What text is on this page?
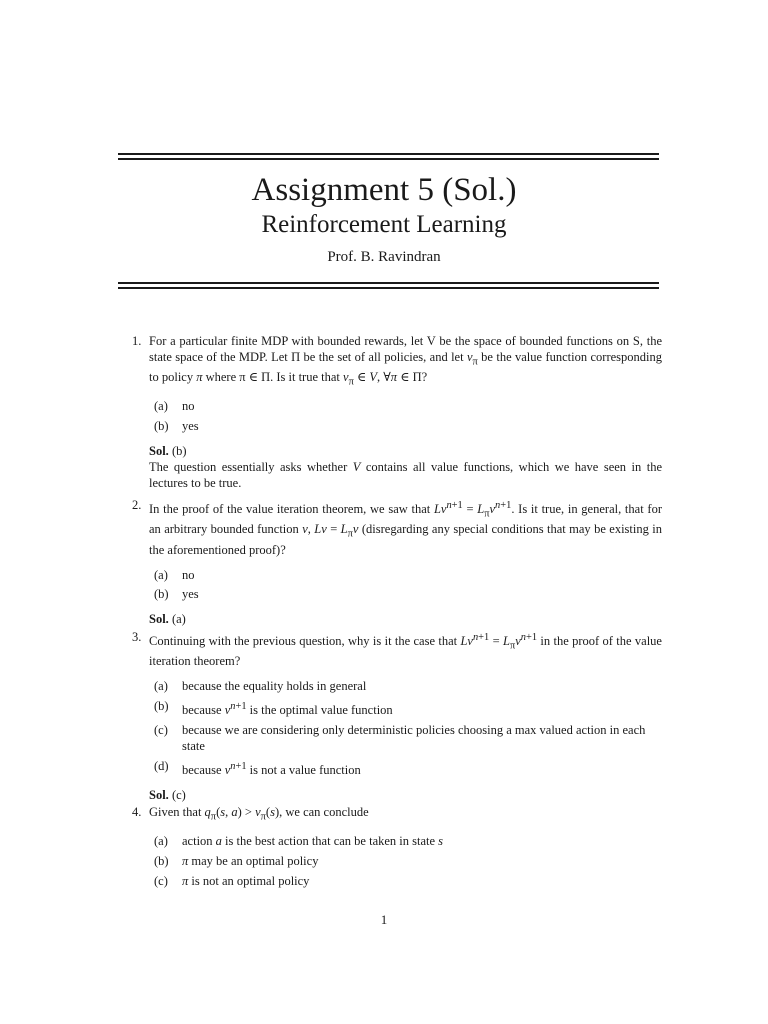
Assignment 5 (Sol.)
Reinforcement Learning
Prof. B. Ravindran
1. For a particular finite MDP with bounded rewards, let V be the space of bounded functions on S, the state space of the MDP. Let Π be the set of all policies, and let $v_\pi$ be the value function corresponding to policy π where π ∈ Π. Is it true that $v_\pi$ ∈ V, ∀π ∈ Π?
(a) no
(b) yes
Sol. (b)
The question essentially asks whether V contains all value functions, which we have seen in the lectures to be true.
2. In the proof of the value iteration theorem, we saw that $Lv^{n+1} = L_\pi v^{n+1}$. Is it true, in general, that for an arbitrary bounded function v, $Lv = L_\pi v$ (disregarding any special conditions that may be existing in the aforementioned proof)?
(a) no
(b) yes
Sol. (a)
3. Continuing with the previous question, why is it the case that $Lv^{n+1} = L_\pi v^{n+1}$ in the proof of the value iteration theorem?
(a) because the equality holds in general
(b) because $v^{n+1}$ is the optimal value function
(c) because we are considering only deterministic policies choosing a max valued action in each state
(d) because $v^{n+1}$ is not a value function
Sol. (c)
4. Given that $q_\pi(s$, $a) > v_\pi(s)$, we can conclude
(a) action a is the best action that can be taken in state s
(b) π may be an optimal policy
(c) π is not an optimal policy
1
